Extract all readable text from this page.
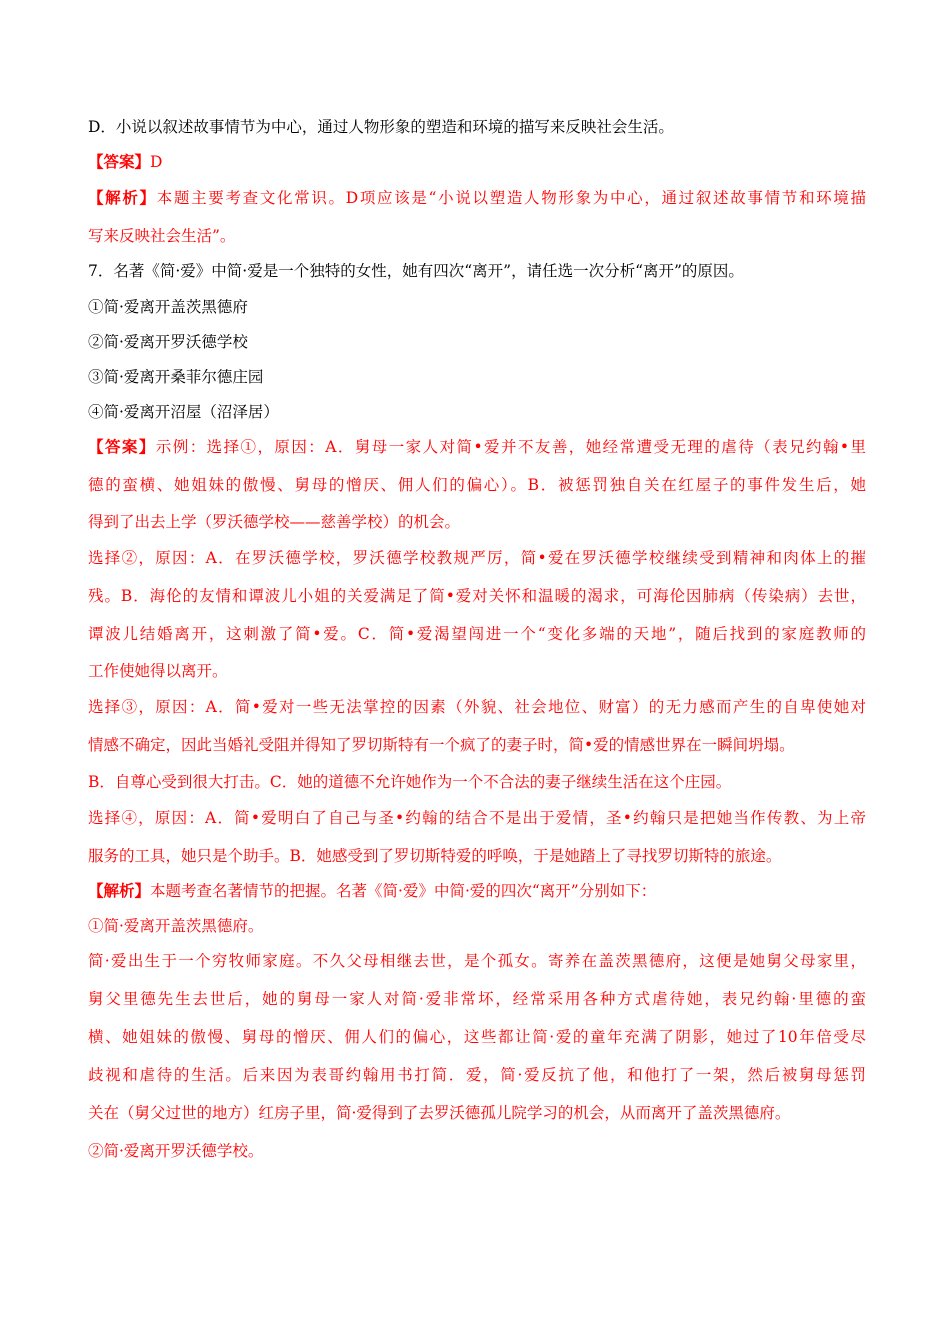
D．小说以叙述故事情节为中心，通过人物形象的塑造和环境的描写来反映社会生活。
【答案】D
【解析】本题主要考查文化常识。D项应该是“小说以塑造人物形象为中心，通过叙述故事情节和环境描
写来反映社会生活”。
7．名著《简·爱》中简·爱是一个独特的女性，她有四次“离开”，请任选一次分析“离开”的原因。
①简·爱离开盖茨黑德府
②简·爱离开罗沃德学校
③简·爱离开桑菲尔德庄园
④简·爱离开沼屋（沼泽居）
【答案】示例：选择①，原因：A．舅母一家人对简•爱并不友善，她经常遭受无理的虐待（表兄约翰•里
德的蛮横、她姐妹的傲慢、舅母的憎厌、佣人们的偏心）。B．被惩罚独自关在红屋子的事件发生后，她
得到了出去上学（罗沃德学校——慈善学校）的机会。
选择②，原因：A．在罗沃德学校，罗沃德学校教规严厉，简•爱在罗沃德学校继续受到精神和肉体上的摧
残。B．海伦的友情和谭波儿小姐的关爱满足了简•爱对关怀和温暖的渴求，可海伦因肺病（传染病）去世，
谭波儿结婚离开，这刺激了简•爱。C．简•爱渴望闯进一个“变化多端的天地”，随后找到的家庭教师的
工作使她得以离开。
选择③，原因：A．简•爱对一些无法掌控的因素（外貌、社会地位、财富）的无力感而产生的自卑使她对
情感不确定，因此当婚礼受阻并得知了罗切斯特有一个疯了的妻子时，简•爱的情感世界在一瞬间坍塌。
B．自尊心受到很大打击。C．她的道德不允许她作为一个不合法的妻子继续生活在这个庄园。
选择④，原因：A．简•爱明白了自己与圣•约翰的结合不是出于爱情，圣•约翰只是把她当作传教、为上帝
服务的工具，她只是个助手。B．她感受到了罗切斯特爱的呼唤，于是她踏上了寻找罗切斯特的旅途。
【解析】本题考查名著情节的把握。名著《简·爱》中简·爱的四次“离开”分别如下：
①简·爱离开盖茨黑德府。
简·爱出生于一个穷牧师家庭。不久父母相继去世，是个孤女。寄养在盖茨黑德府，这便是她舅父母家里，
舅父里德先生去世后，她的舅母一家人对简·爱非常坏，经常采用各种方式虐待她，表兄约翰·里德的蛮
横、她姐妹的傲慢、舅母的憎厌、佣人们的偏心，这些都让简·爱的童年充满了阴影，她过了10年倍受尽
歧视和虐待的生活。后来因为表哥约翰用书打简．爱，简·爱反抗了他，和他打了一架，然后被舅母惩罚
关在（舅父过世的地方）红房子里，简·爱得到了去罗沃德孤儿院学习的机会，从而离开了盖茨黑德府。
②简·爱离开罗沃德学校。
